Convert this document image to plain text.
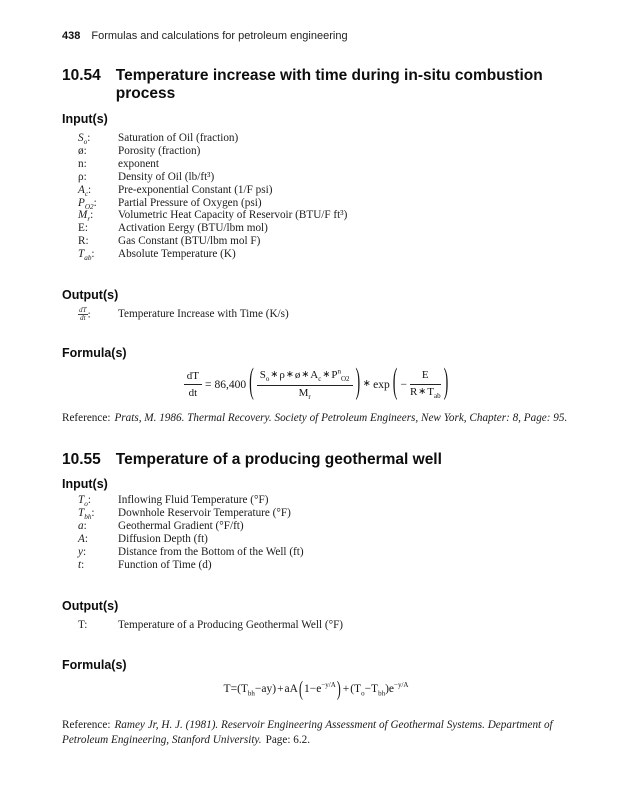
438 Formulas and calculations for petroleum engineering
10.54 Temperature increase with time during in-situ combustion process
Input(s)
$S_o$:	Saturation of Oil (fraction)
ø:	Porosity (fraction)
n:	exponent
ρ:	Density of Oil (lb/ft³)
$A_c$:	Pre-exponential Constant (1/F psi)
$P_{O2}$:	Partial Pressure of Oxygen (psi)
$M_r$:	Volumetric Heat Capacity of Reservoir (BTU/F ft³)
E:	Activation Eergy (BTU/lbm mol)
R:	Gas Constant (BTU/lbm mol F)
$T_{ab}$:	Absolute Temperature (K)
Output(s)
$\frac{dT}{dt}$ :	Temperature Increase with Time (K/s)
Formula(s)
$\frac{dT}{dt} = 86,400$ ( $\frac{S_o∗\rho∗ø∗A_c∗P^n_{O2}}{M_r}$ ) ∗ exp ( − $\frac{E}{R∗T_{ab}}$ )
Reference: Prats, M. 1986. Thermal Recovery. Society of Petroleum Engineers, New York, Chapter: 8, Page: 95.
10.55 Temperature of a producing geothermal well
Input(s)
$T_o$:	Inflowing Fluid Temperature (°F)
$T_{bh}$:	Downhole Reservoir Temperature (°F)
a:	Geothermal Gradient (°F/ft)
A:	Diffusion Depth (ft)
y:	Distance from the Bottom of the Well (ft)
t:	Function of Time (d)
Output(s)
T:	Temperature of a Producing Geothermal Well (°F)
Formula(s)
$T=(T_{bh}-ay)$ + $aA(1-e^{-y/A})$  + $(T_o-T_{bh})e^{-y/A}$
Reference: Ramey Jr, H. J. (1981). Reservoir Engineering Assessment of Geothermal Systems. Department of Petroleum Engineering, Stanford University. Page: 6.2.
